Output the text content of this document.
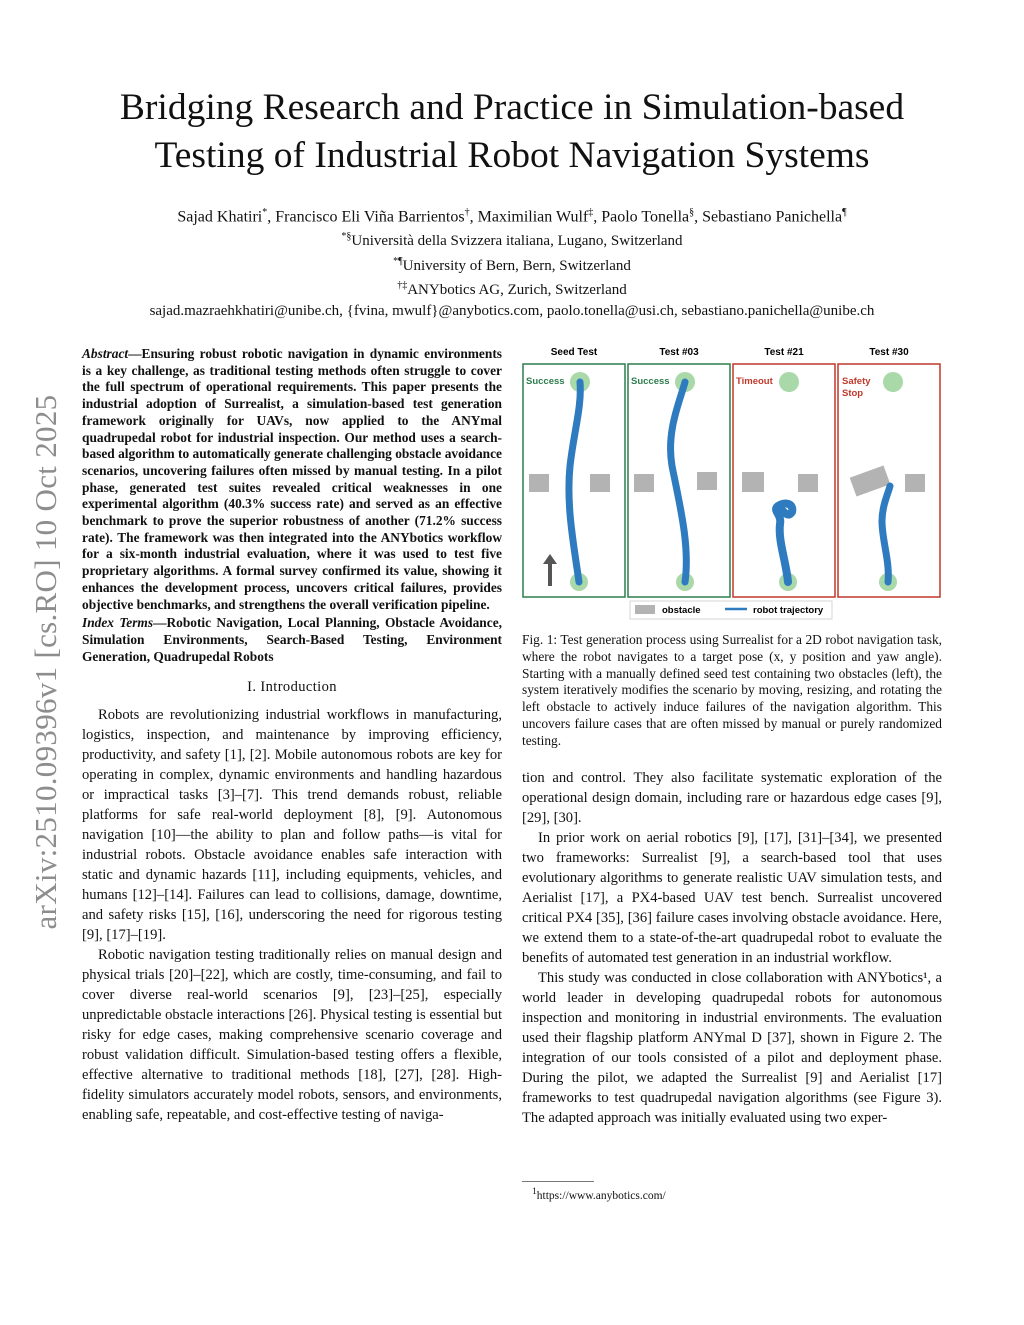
arXiv:2510.09396v1 [cs.RO] 10 Oct 2025
Bridging Research and Practice in Simulation-based
Testing of Industrial Robot Navigation Systems
Sajad Khatiri*, Francisco Eli Viña Barrientos†, Maximilian Wulf‡, Paolo Tonella§, Sebastiano Panichella¶
*§Università della Svizzera italiana, Lugano, Switzerland
*¶University of Bern, Bern, Switzerland
†‡ANYbotics AG, Zurich, Switzerland
sajad.mazraehkhatiri@unibe.ch, {fvina, mwulf}@anybotics.com, paolo.tonella@usi.ch, sebastiano.panichella@unibe.ch
Abstract—Ensuring robust robotic navigation in dynamic environments is a key challenge, as traditional testing methods often struggle to cover the full spectrum of operational requirements. This paper presents the industrial adoption of Surrealist, a simulation-based test generation framework originally for UAVs, now applied to the ANYmal quadrupedal robot for industrial inspection. Our method uses a search-based algorithm to automatically generate challenging obstacle avoidance scenarios, uncovering failures often missed by manual testing. In a pilot phase, generated test suites revealed critical weaknesses in one experimental algorithm (40.3% success rate) and served as an effective benchmark to prove the superior robustness of another (71.2% success rate). The framework was then integrated into the ANYbotics workflow for a six-month industrial evaluation, where it was used to test five proprietary algorithms. A formal survey confirmed its value, showing it enhances the development process, uncovers critical failures, provides objective benchmarks, and strengthens the overall verification pipeline.
Index Terms—Robotic Navigation, Local Planning, Obstacle Avoidance, Simulation Environments, Search-Based Testing, Environment Generation, Quadrupedal Robots
I. Introduction

Robots are revolutionizing industrial workflows in manufacturing, logistics, inspection, and maintenance by improving efficiency, productivity, and safety [1], [2]. Mobile autonomous robots are key for operating in complex, dynamic environments and handling hazardous or impractical tasks [3]–[7]. This trend demands robust, reliable platforms for safe real-world deployment [8], [9]. Autonomous navigation [10]—the ability to plan and follow paths—is vital for industrial robots. Obstacle avoidance enables safe interaction with static and dynamic hazards [11], including equipments, vehicles, and humans [12]–[14]. Failures can lead to collisions, damage, downtime, and safety risks [15], [16], underscoring the need for rigorous testing [9], [17]–[19].

Robotic navigation testing traditionally relies on manual design and physical trials [20]–[22], which are costly, time-consuming, and fail to cover diverse real-world scenarios [9], [23]–[25], especially unpredictable obstacle interactions [26]. Physical testing is essential but risky for edge cases, making comprehensive scenario coverage and robust validation difficult. Simulation-based testing offers a flexible, effective alternative to traditional methods [18], [27], [28]. High-fidelity simulators accurately model robots, sensors, and environments, enabling safe, repeatable, and cost-effective testing of naviga-

Seed Test	Test #03	Test #21	Test #30
Success	Success	Timeout	Safety Stop
obstacle	robot trajectory
Fig. 1: Test generation process using Surrealist for a 2D robot navigation task, where the robot navigates to a target pose (x, y position and yaw angle). Starting with a manually defined seed test containing two obstacles (left), the system iteratively modifies the scenario by moving, resizing, and rotating the left obstacle to actively induce failures of the navigation algorithm. This uncovers failure cases that are often missed by manual or purely randomized testing.

tion and control. They also facilitate systematic exploration of the operational design domain, including rare or hazardous edge cases [9], [29], [30].

In prior work on aerial robotics [9], [17], [31]–[34], we presented two frameworks: Surrealist [9], a search-based tool that uses evolutionary algorithms to generate realistic UAV simulation tests, and Aerialist [17], a PX4-based UAV test bench. Surrealist uncovered critical PX4 [35], [36] failure cases involving obstacle avoidance. Here, we extend them to a state-of-the-art quadrupedal robot to evaluate the benefits of automated test generation in an industrial workflow.

This study was conducted in close collaboration with ANYbotics¹, a world leader in developing quadrupedal robots for autonomous inspection and monitoring in industrial environments. The evaluation used their flagship platform ANYmal D [37], shown in Figure 2. The integration of our tools consisted of a pilot and deployment phase. During the pilot, we adapted the Surrealist [9] and Aerialist [17] frameworks to test quadrupedal navigation algorithms (see Figure 3). The adapted approach was initially evaluated using two exper-

$^1$https://www.anybotics.com/
